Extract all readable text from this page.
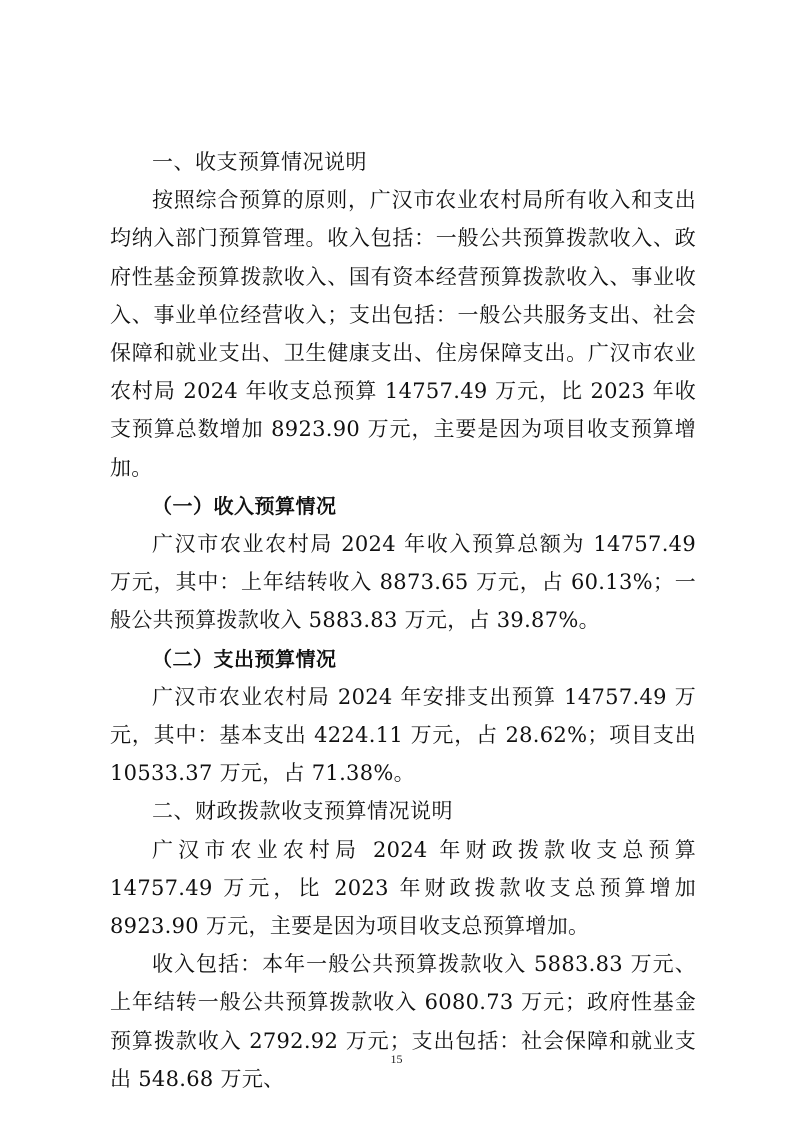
一、收支预算情况说明

按照综合预算的原则，广汉市农业农村局所有收入和支出均纳入部门预算管理。收入包括：一般公共预算拨款收入、政府性基金预算拨款收入、国有资本经营预算拨款收入、事业收入、事业单位经营收入；支出包括：一般公共服务支出、社会保障和就业支出、卫生健康支出、住房保障支出。广汉市农业农村局 2024 年收支总预算 14757.49 万元，比 2023 年收支预算总数增加 8923.90 万元，主要是因为项目收支预算增加。

（一）收入预算情况

广汉市农业农村局 2024 年收入预算总额为 14757.49 万元，其中：上年结转收入 8873.65 万元，占 60.13%；一般公共预算拨款收入 5883.83 万元，占 39.87%。

（二）支出预算情况

广汉市农业农村局 2024 年安排支出预算 14757.49 万元，其中：基本支出 4224.11 万元，占 28.62%；项目支出 10533.37 万元，占 71.38%。

二、财政拨款收支预算情况说明

广汉市农业农村局 2024 年财政拨款收支总预算 14757.49 万元，比 2023 年财政拨款收支总预算增加 8923.90 万元，主要是因为项目收支总预算增加。

收入包括：本年一般公共预算拨款收入 5883.83 万元、上年结转一般公共预算拨款收入 6080.73 万元；政府性基金预算拨款收入 2792.92 万元；支出包括：社会保障和就业支出 548.68 万元、

15
